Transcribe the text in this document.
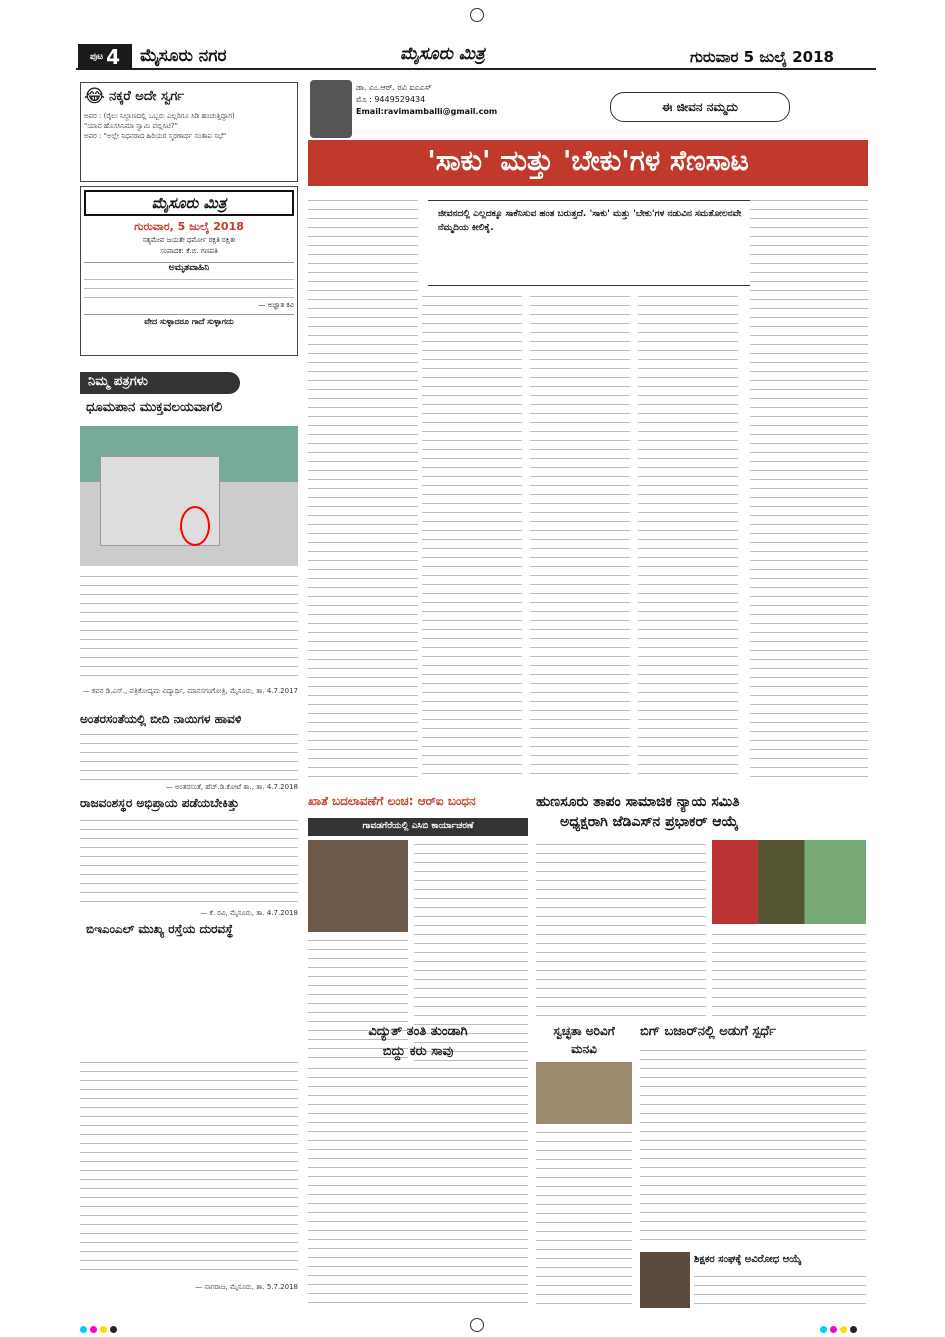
ಪುಟ 4 ಮೈಸೂರು ನಗರ	ಮೈಸೂರು ಮಿತ್ರ	ಗುರುವಾರ 5 ಜುಲೈ 2018
😂 ನಕ್ಕರೆ ಅದೇ ಸ್ವರ್ಗ
ಅಪರ : (ರೈಲು ನಿಲ್ದಾಣದಲ್ಲಿ ಒಬ್ಬರು ಎಲ್ಲರಿಗೂ ಸಿಡಿ ಹಂಚುತ್ತಿದ್ದಾಗ)
"ಯಾವ ಹೊಸಸಿನಿಮಾ ಸ್ವಾಮಿ ಪಬ್ಲಿಸಿಟಿ?"
ಅಪರ : "ಅಲ್ಲೇ ನಿಧನರಾದ ಹಿರಿಯರ ಸ್ಮರಣಾರ್ಥ ಸಂತಾಪ ಸಭೆ"
ಮೈಸೂರು ಮಿತ್ರ
ಗುರುವಾರ, 5 ಜುಲೈ 2018
ಸತ್ಯಮೇವ ಜಯತೇ ಧರ್ಮೋ ರಕ್ಷತಿ ರಕ್ಷಿತಃ
ಸಂಪಾದಕ: ಕೆ.ಬಿ. ಗಣಪತಿ
ಅಮೃತವಾಹಿನಿ
— ಅಜ್ಞಾತ ಕವಿ
ವೇದ ಸುಳ್ಳಾದರೂ ಗಾದೆ ಸುಳ್ಳಾಗದು
ನಿಮ್ಮ ಪತ್ರಗಳು
ಧೂಮಪಾನ ಮುಕ್ತವಲಯವಾಗಲಿ
— ಕವನ ಡಿ.ಎಸ್., ಪತ್ರಿಕೋದ್ಯಮ ವಿದ್ಯಾರ್ಥಿ, ಮಾನಸಗಂಗೋತ್ರಿ, ಮೈಸೂರು, ತಾ. 4.7.2017
ಅಂತರಸಂತೆಯಲ್ಲಿ ಬೀದಿ ನಾಯಿಗಳ ಹಾವಳಿ
— ಅಂತರಸಂತೆ, ಹೆಚ್.ಡಿ.ಕೋಟೆ ತಾ., ತಾ. 4.7.2018
ರಾಜವಂಶಸ್ಥರ ಅಭಿಪ್ರಾಯ ಪಡೆಯಬೇಕಿತ್ತು
— ಕೆ. ರವಿ, ಮೈಸೂರು, ತಾ. 4.7.2018
ಬಿಇಎಂಎಲ್ ಮುಖ್ಯ ರಸ್ತೆಯ ದುರವಸ್ಥೆ
— ನಾಗರಾಜ, ಮೈಸೂರು, ತಾ. 5.7.2018
ಡಾ. ಎಂ.ಆರ್. ರವಿ ಐಎಎಸ್
ಮೊ : 9449529434
Email:ravimamballi@gmail.com	ಈ ಜೀವನ ನಮ್ಮದು
'ಸಾಕು' ಮತ್ತು 'ಬೇಕು'ಗಳ ಸೆಣಸಾಟ
ಜೀವನದಲ್ಲಿ ಎಲ್ಲದಕ್ಕೂ ಸಾಕೆನಿಸುವ ಹಂತ ಬರುತ್ತದೆ. 'ಸಾಕು' ಮತ್ತು 'ಬೇಕು'ಗಳ ನಡುವಿನ ಸಮತೋಲನವೇ ನೆಮ್ಮದಿಯ ಕೀಲಿಕೈ.
ಖಾತೆ ಬದಲಾವಣೆಗೆ ಲಂಚ: ಆರ್‌ಐ ಬಂಧನ
ಗಾವಡಗೆರೆಯಲ್ಲಿ ಎಸಿಬಿ ಕಾರ್ಯಾಚರಣೆ
ಹುಣಸೂರು ತಾಪಂ ಸಾಮಾಜಿಕ ನ್ಯಾಯ ಸಮಿತಿ
ಅಧ್ಯಕ್ಷರಾಗಿ ಜೆಡಿಎಸ್‌ನ ಪ್ರಭಾಕರ್ ಆಯ್ಕೆ
ವಿದ್ಯುತ್ ತಂತಿ ತುಂಡಾಗಿ
ಬಿದ್ದು ಕರು ಸಾವು
ಸ್ವಚ್ಛತಾ ಅರಿವಿಗೆ
ಮನವಿ
ಬಿಗ್ ಬಜಾರ್‌ನಲ್ಲಿ ಅಡುಗೆ ಸ್ಪರ್ಧೆ
ಶಿಕ್ಷಕರ ಸಂಘಕ್ಕೆ ಅವಿರೋಧ ಆಯ್ಕೆ
